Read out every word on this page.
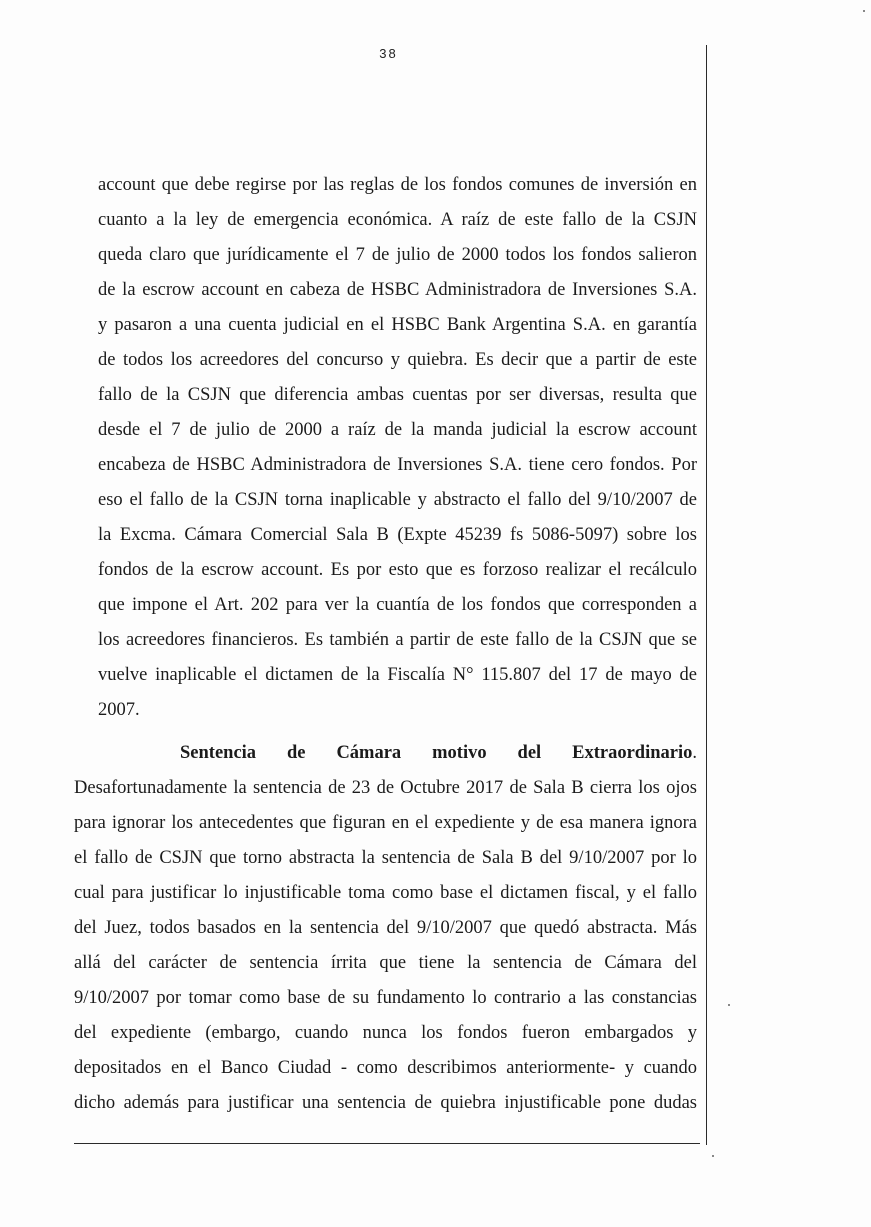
38
account que debe regirse por las reglas de los fondos comunes de inversión en
cuanto a la ley de emergencia económica. A raíz de este fallo de la CSJN
queda claro que jurídicamente el 7 de julio de 2000 todos los fondos salieron
de la escrow account en cabeza de HSBC Administradora de Inversiones S.A.
y pasaron a una cuenta judicial en el HSBC Bank Argentina S.A. en garantía
de todos los acreedores del concurso y quiebra. Es decir que a partir de este
fallo de la CSJN que diferencia ambas cuentas por ser diversas, resulta que
desde el 7 de julio de 2000 a raíz de la manda judicial la escrow account
encabeza de HSBC Administradora de Inversiones S.A. tiene cero fondos. Por
eso el fallo de la CSJN torna inaplicable y abstracto el fallo del 9/10/2007 de
la Excma. Cámara Comercial Sala B (Expte 45239 fs 5086-5097) sobre los
fondos de la escrow account. Es por esto que es forzoso realizar el recálculo
que impone el Art. 202 para ver la cuantía de los fondos que corresponden a
los acreedores financieros. Es también a partir de este fallo de la CSJN que se
vuelve inaplicable el dictamen de la Fiscalía N° 115.807 del 17 de mayo de
2007.
Sentencia de Cámara motivo del Extraordinario.
Desafortunadamente la sentencia de 23 de Octubre 2017 de Sala B cierra los ojos
para ignorar los antecedentes que figuran en el expediente y de esa manera ignora
el fallo de CSJN que torno abstracta la sentencia de Sala B del 9/10/2007 por lo
cual para justificar lo injustificable toma como base el dictamen fiscal, y el fallo
del Juez, todos basados en la sentencia del 9/10/2007 que quedó abstracta. Más
allá del carácter de sentencia írrita que tiene la sentencia de Cámara del
9/10/2007 por tomar como base de su fundamento lo contrario a las constancias
del expediente (embargo, cuando nunca los fondos fueron embargados y
depositados en el Banco Ciudad - como describimos anteriormente- y cuando
dicho además para justificar una sentencia de quiebra injustificable pone dudas
